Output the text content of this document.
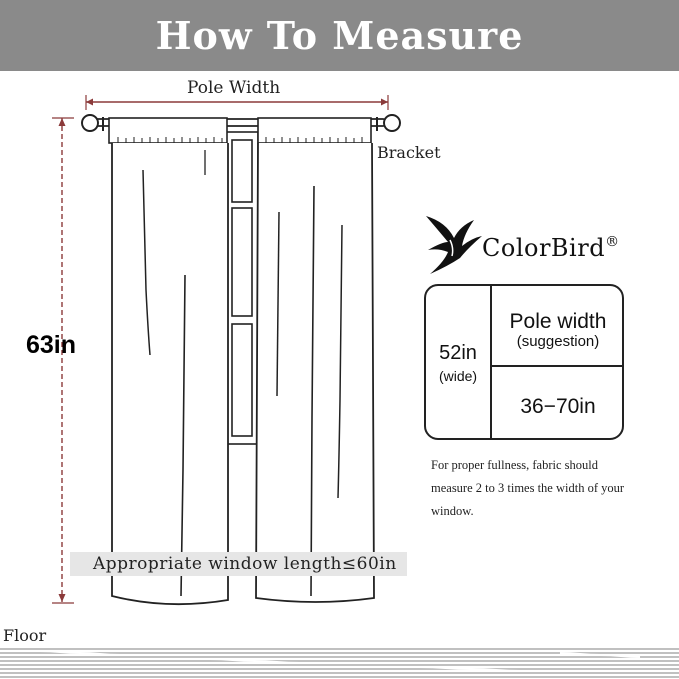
How To Measure
Appropriate window length≤60in
Pole Width
Bracket
63in
Floor
ColorBird®
52in
(wide)
Pole width
(suggestion)
36−70in
For proper fullness, fabric should measure 2 to 3 times the width of your window.
